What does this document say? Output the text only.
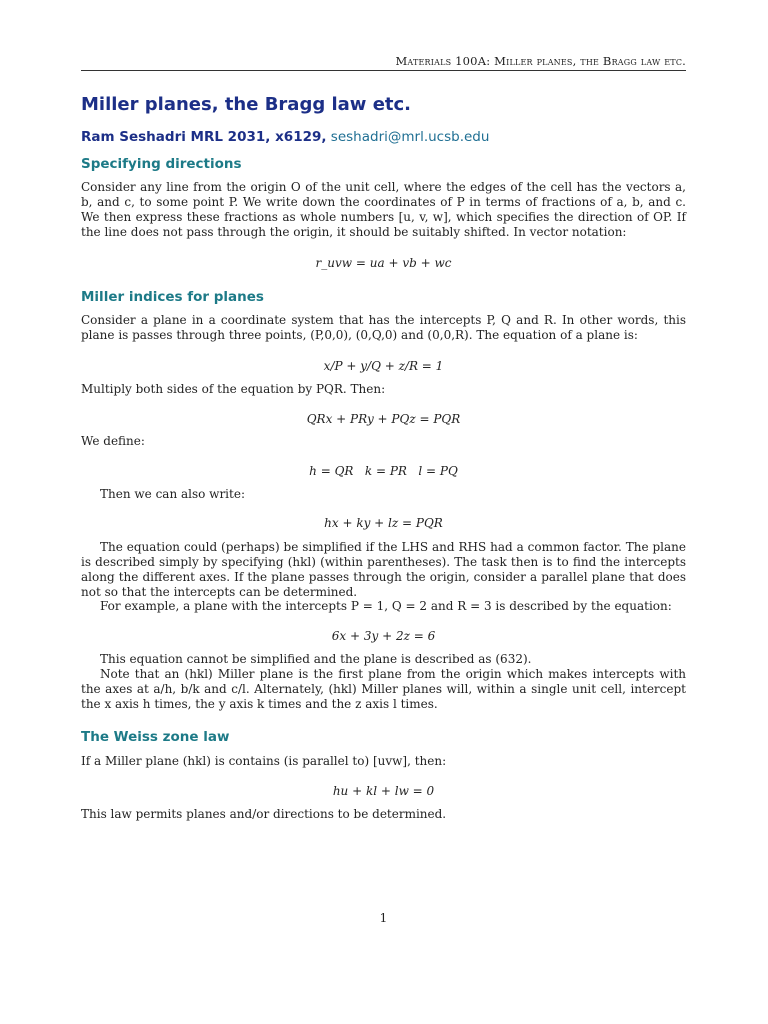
Materials 100A: Miller planes, the Bragg law etc.
Miller planes, the Bragg law etc.
Ram Seshadri MRL 2031, x6129, seshadri@mrl.ucsb.edu
Specifying directions

Consider any line from the origin O of the unit cell, where the edges of the cell has the vectors a, b, and c, to some point P. We write down the coordinates of P in terms of fractions of a, b, and c. We then express these fractions as whole numbers [u, v, w], which specifies the direction of OP. If the line does not pass through the origin, it should be suitably shifted. In vector notation:

r_uvw = ua + vb + wc
Miller indices for planes

Consider a plane in a coordinate system that has the intercepts P, Q and R. In other words, this plane is passes through three points, (P,0,0), (0,Q,0) and (0,0,R). The equation of a plane is:

x/P + y/Q + z/R = 1

Multiply both sides of the equation by PQR. Then:

QRx + PRy + PQz = PQR

We define:

h = QR   k = PR   l = PQ

Then we can also write:

hx + ky + lz = PQR

The equation could (perhaps) be simplified if the LHS and RHS had a common factor. The plane is described simply by specifying (hkl) (within parentheses). The task then is to find the intercepts along the different axes. If the plane passes through the origin, consider a parallel plane that does not so that the intercepts can be determined.

For example, a plane with the intercepts P = 1, Q = 2 and R = 3 is described by the equation:

6x + 3y + 2z = 6

This equation cannot be simplified and the plane is described as (632).

Note that an (hkl) Miller plane is the first plane from the origin which makes intercepts with the axes at a/h, b/k and c/l. Alternately, (hkl) Miller planes will, within a single unit cell, intercept the x axis h times, the y axis k times and the z axis l times.

The Weiss zone law

If a Miller plane (hkl) is contains (is parallel to) [uvw], then:

hu + kl + lw = 0

This law permits planes and/or directions to be determined.

1
